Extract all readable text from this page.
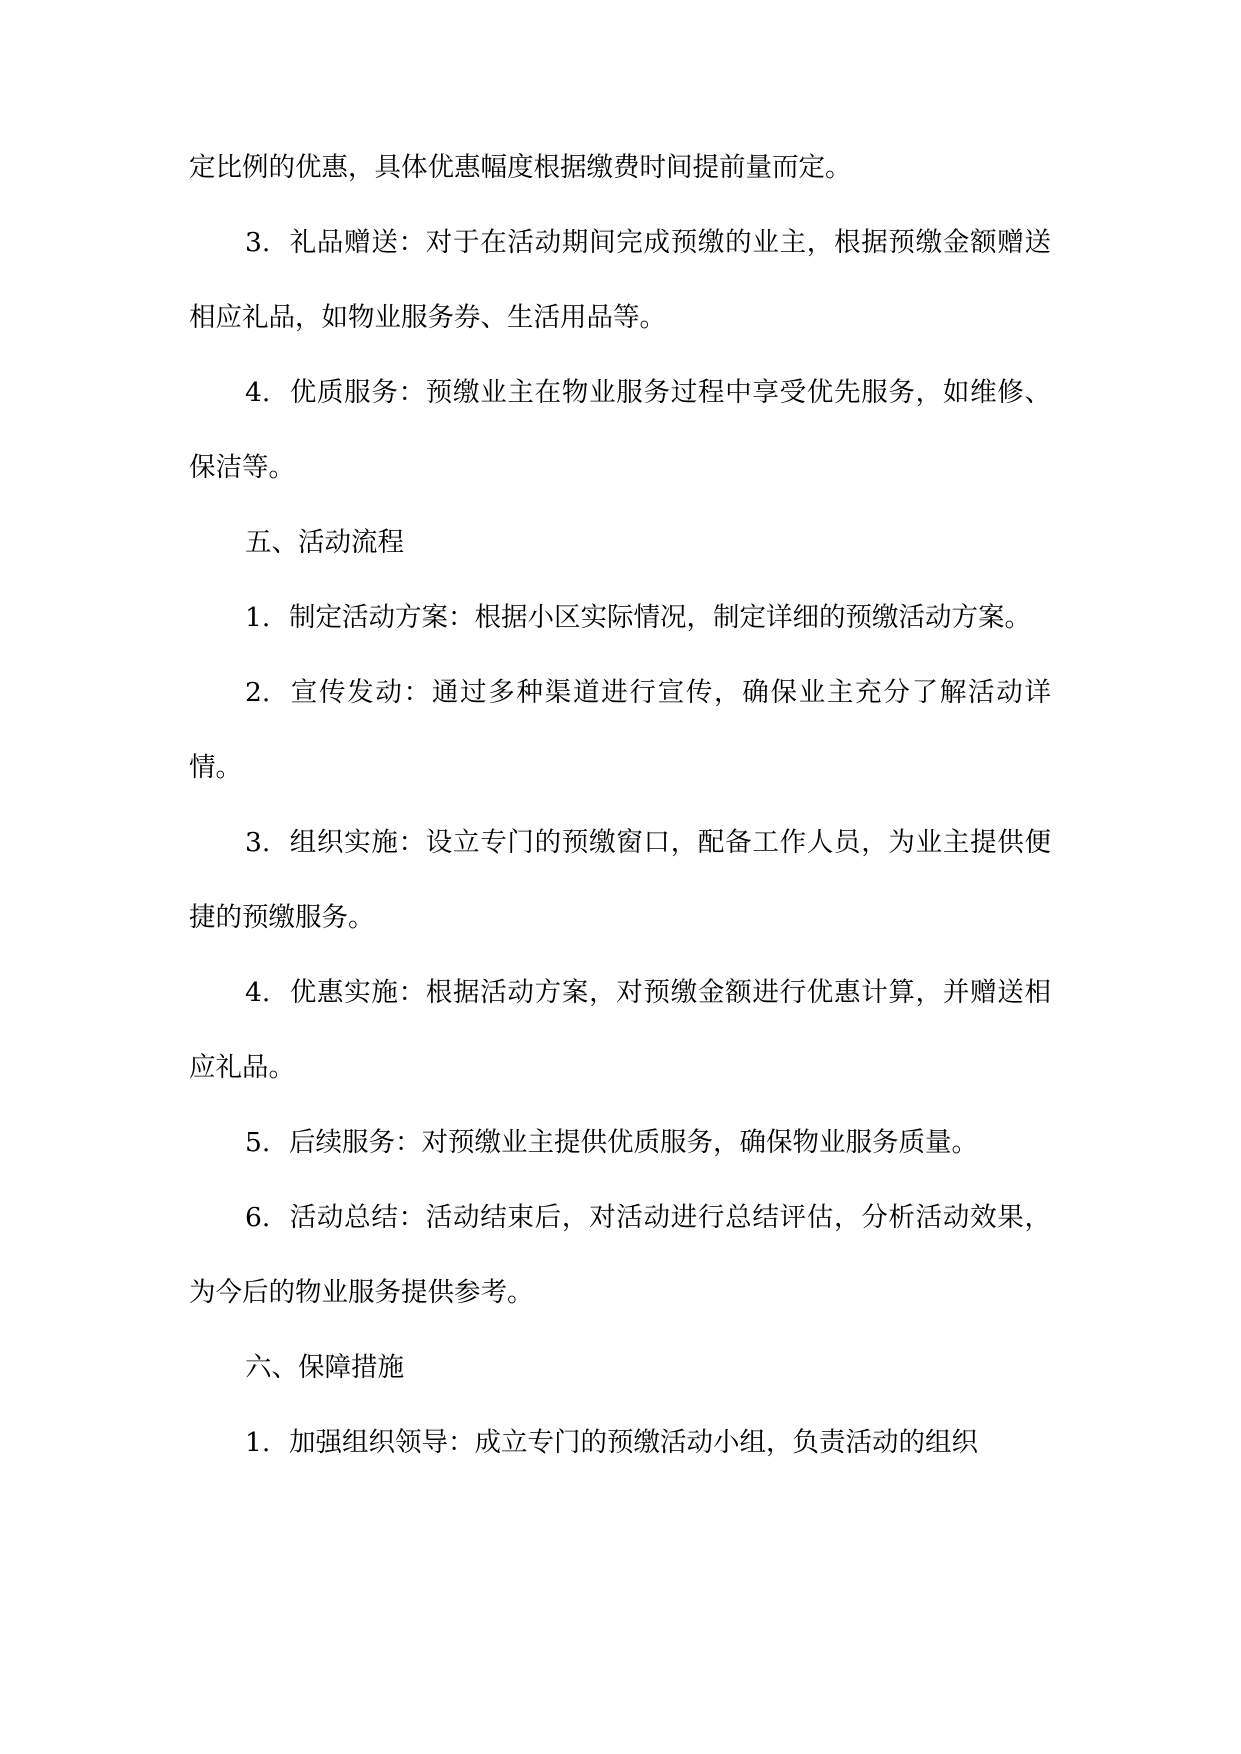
定比例的优惠，具体优惠幅度根据缴费时间提前量而定。

3. 礼品赠送：对于在活动期间完成预缴的业主，根据预缴金额赠送相应礼品，如物业服务券、生活用品等。

4. 优质服务：预缴业主在物业服务过程中享受优先服务，如维修、保洁等。

五、活动流程

1. 制定活动方案：根据小区实际情况，制定详细的预缴活动方案。

2. 宣传发动：通过多种渠道进行宣传，确保业主充分了解活动详情。

3. 组织实施：设立专门的预缴窗口，配备工作人员，为业主提供便捷的预缴服务。

4. 优惠实施：根据活动方案，对预缴金额进行优惠计算，并赠送相应礼品。

5. 后续服务：对预缴业主提供优质服务，确保物业服务质量。

6. 活动总结：活动结束后，对活动进行总结评估，分析活动效果，为今后的物业服务提供参考。

六、保障措施

1. 加强组织领导：成立专门的预缴活动小组，负责活动的组织
